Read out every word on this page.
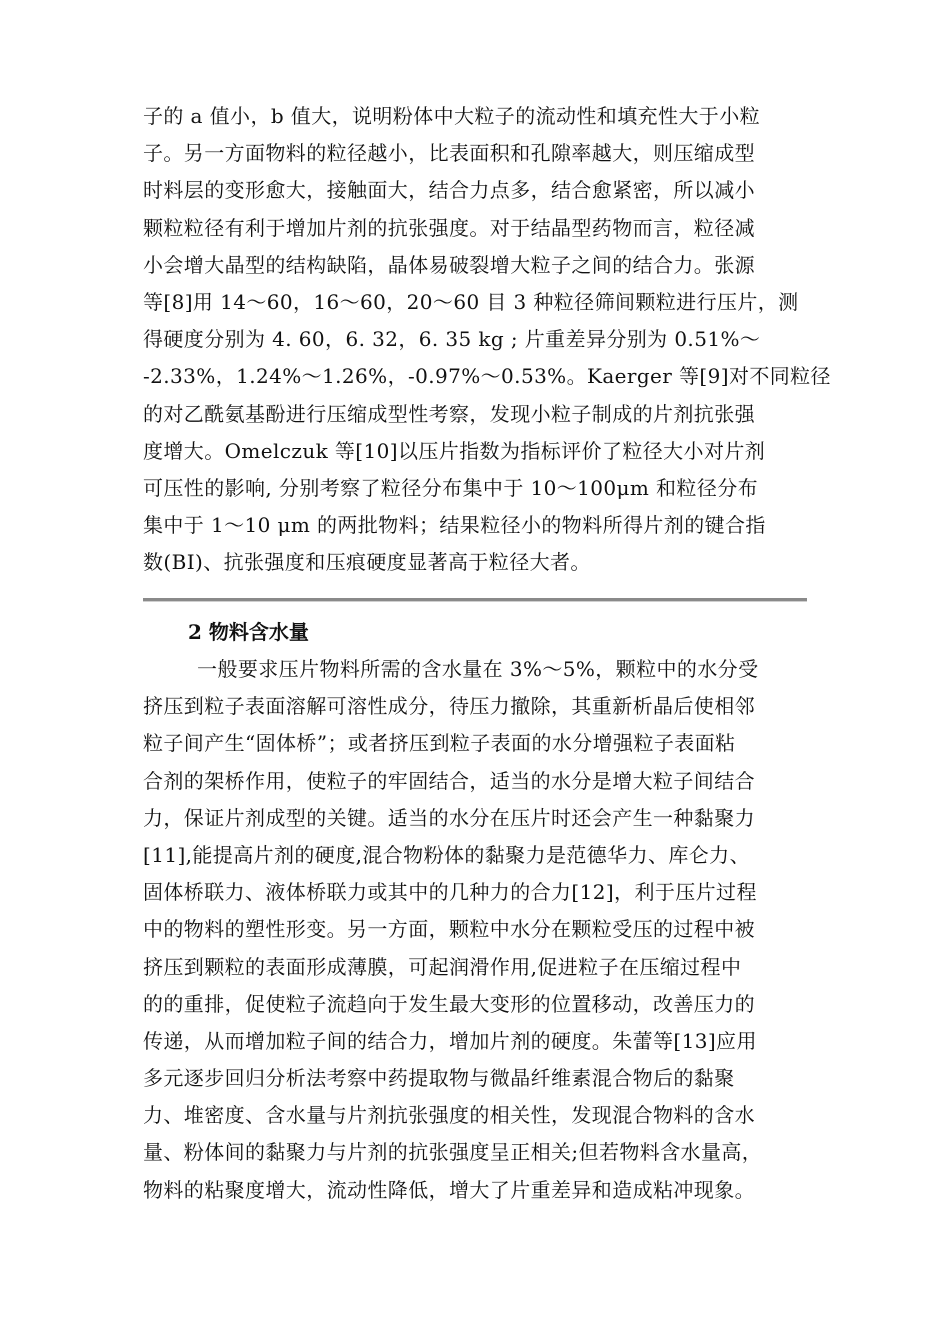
子的 a 值小，b 值大，说明粉体中大粒子的流动性和填充性大于小粒
子。另一方面物料的粒径越小，比表面积和孔隙率越大，则压缩成型
时料层的变形愈大，接触面大，结合力点多，结合愈紧密，所以减小
颗粒粒径有利于增加片剂的抗张强度。对于结晶型药物而言，粒径减
小会增大晶型的结构缺陷，晶体易破裂增大粒子之间的结合力。张源
等[8]用 14～60，16～60，20～60 目 3 种粒径筛间颗粒进行压片，测
得硬度分别为 4. 60，6. 32，6. 35 kg ; 片重差异分别为 0.51%～
-2.33%，1.24%～1.26%，-0.97%～0.53%。Kaerger 等[9]对不同粒径
的对乙酰氨基酚进行压缩成型性考察，发现小粒子制成的片剂抗张强
度增大。Omelczuk 等[10]以压片指数为指标评价了粒径大小对片剂
可压性的影响, 分别考察了粒径分布集中于 10～100μm 和粒径分布
集中于 1～10 μm 的两批物料；结果粒径小的物料所得片剂的键合指
数(BI)、抗张强度和压痕硬度显著高于粒径大者。
2 物料含水量
一般要求压片物料所需的含水量在 3%～5%，颗粒中的水分受
挤压到粒子表面溶解可溶性成分，待压力撤除，其重新析晶后使相邻
粒子间产生“固体桥”；或者挤压到粒子表面的水分增强粒子表面粘
合剂的架桥作用，使粒子的牢固结合，适当的水分是增大粒子间结合
力，保证片剂成型的关键。适当的水分在压片时还会产生一种黏聚力
[11],能提高片剂的硬度,混合物粉体的黏聚力是范德华力、库仑力、
固体桥联力、液体桥联力或其中的几种力的合力[12]，利于压片过程
中的物料的塑性形变。另一方面，颗粒中水分在颗粒受压的过程中被
挤压到颗粒的表面形成薄膜，可起润滑作用,促进粒子在压缩过程中
的的重排，促使粒子流趋向于发生最大变形的位置移动，改善压力的
传递，从而增加粒子间的结合力，增加片剂的硬度。朱蕾等[13]应用
多元逐步回归分析法考察中药提取物与微晶纤维素混合物后的黏聚
力、堆密度、含水量与片剂抗张强度的相关性，发现混合物料的含水
量、粉体间的黏聚力与片剂的抗张强度呈正相关;但若物料含水量高，
物料的粘聚度增大，流动性降低，增大了片重差异和造成粘冲现象。
